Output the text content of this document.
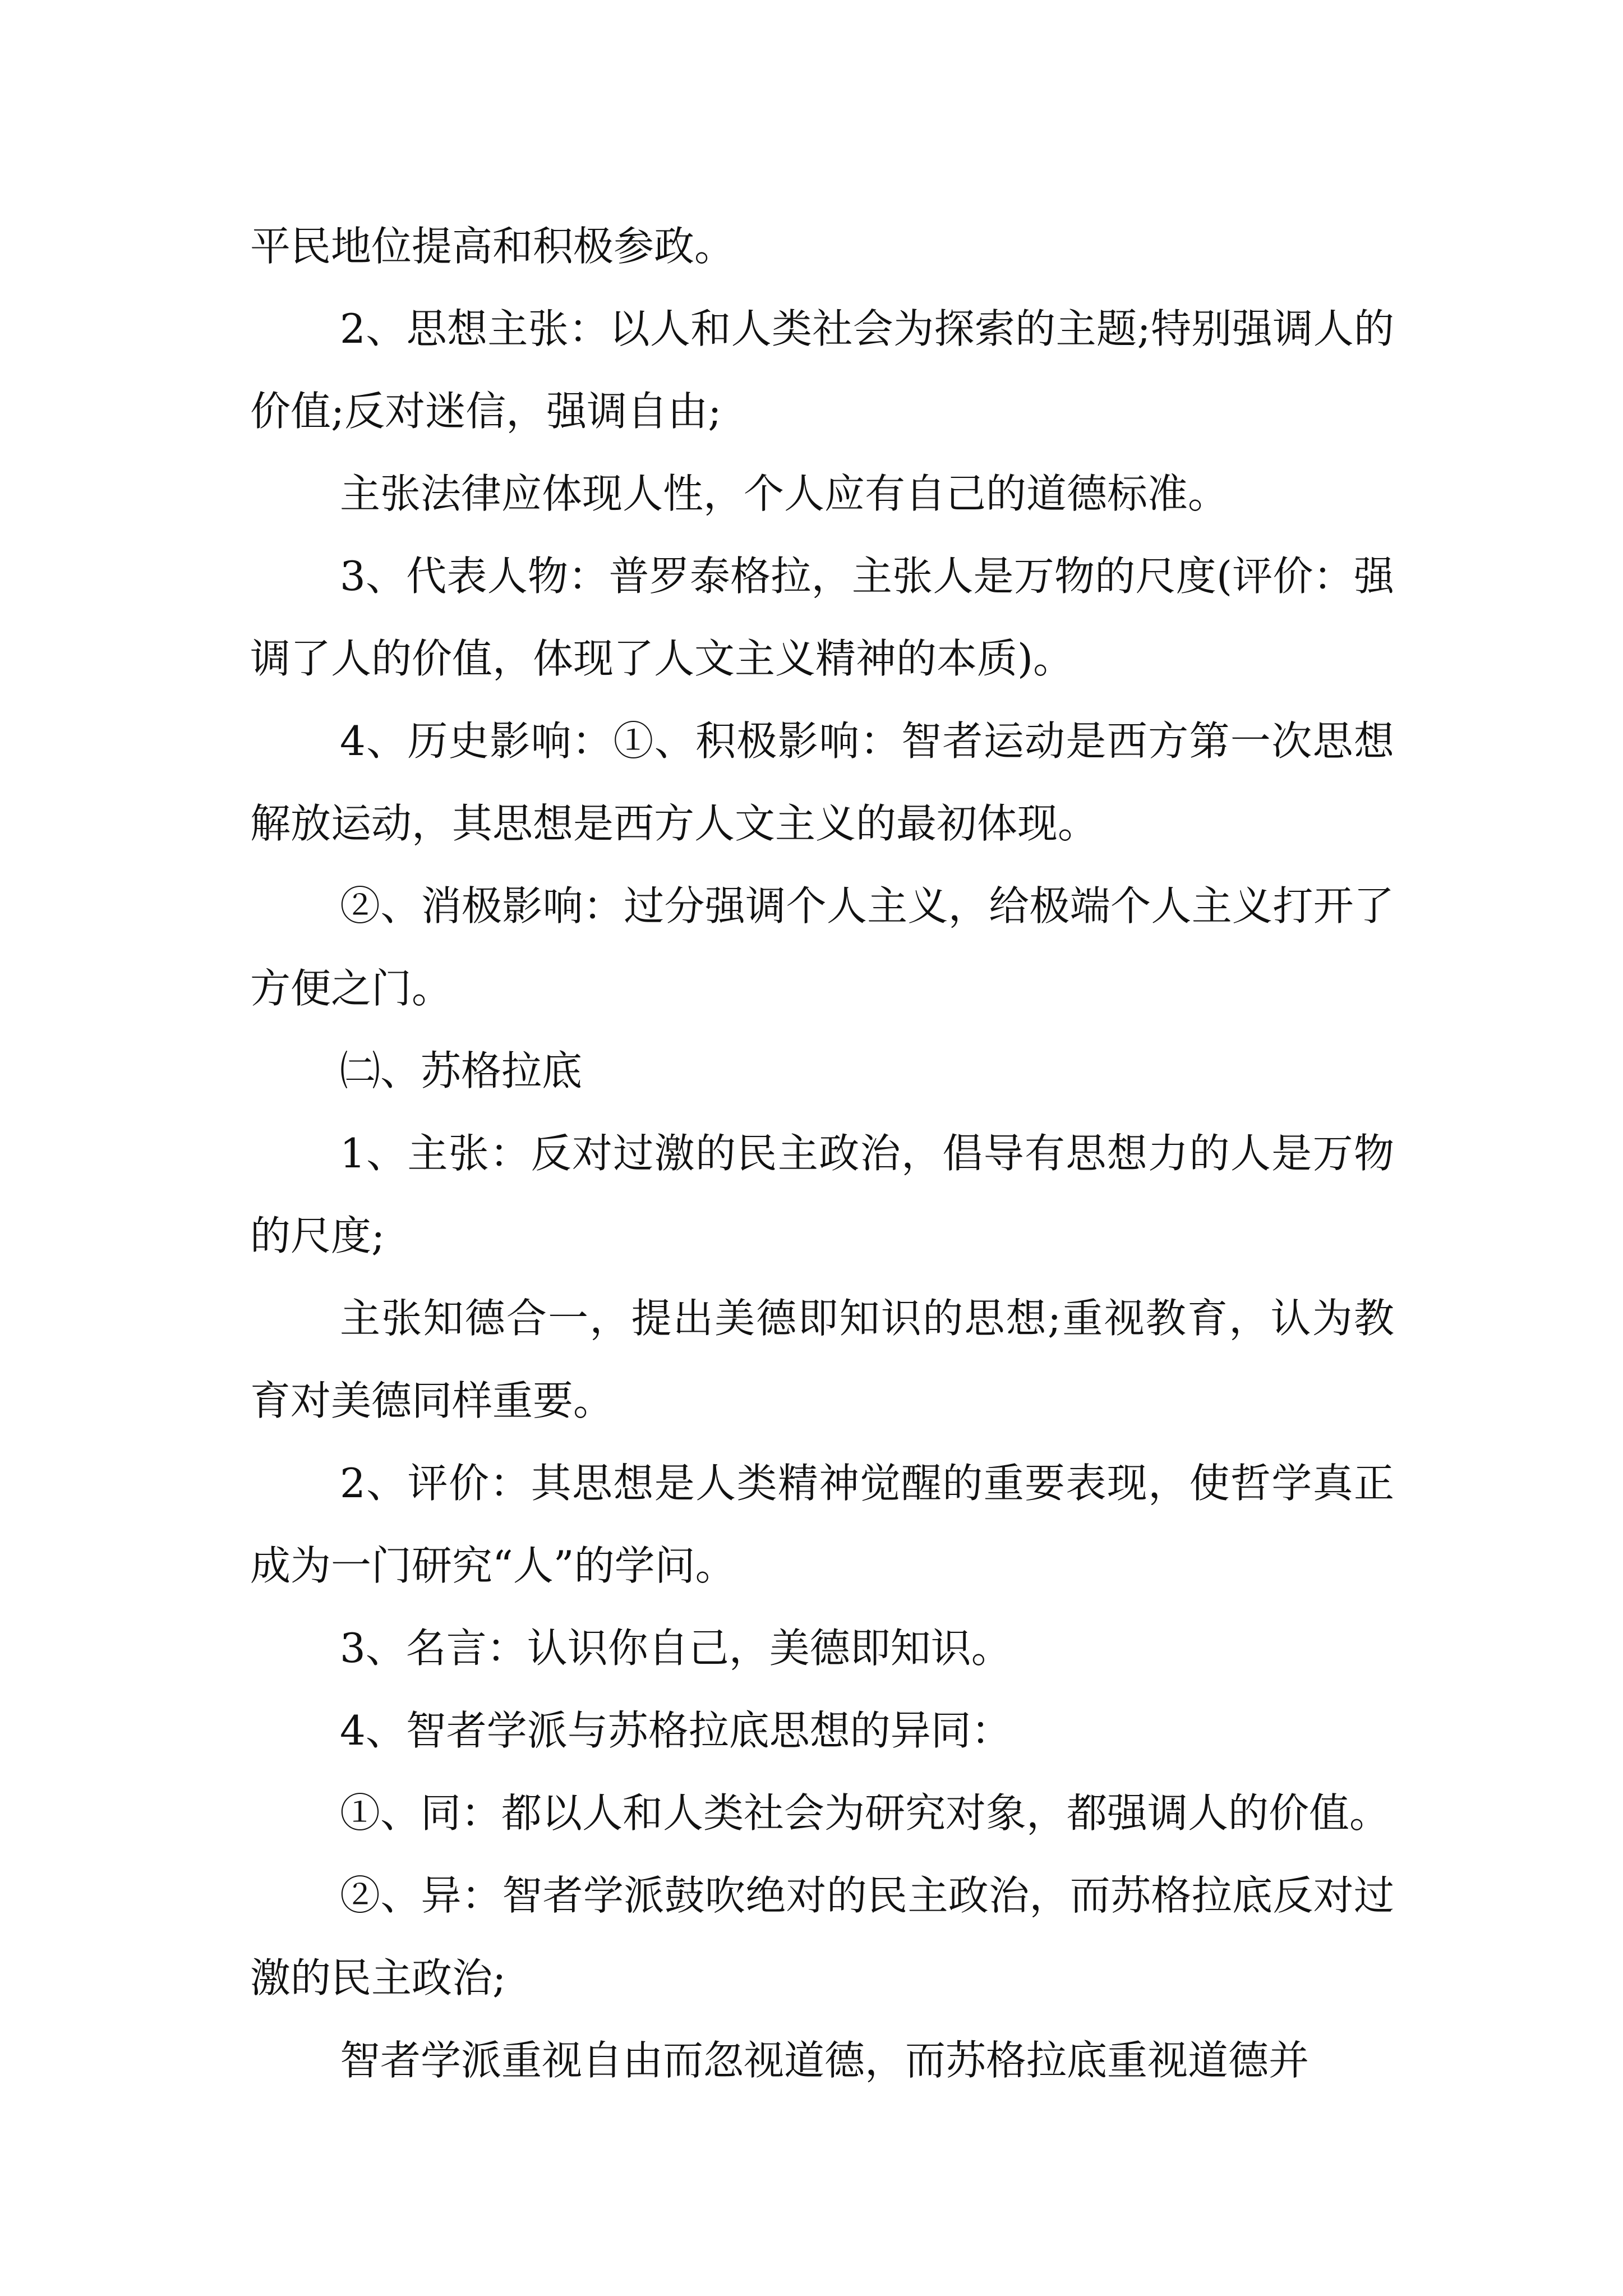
平民地位提高和积极参政。

2、思想主张：以人和人类社会为探索的主题;特别强调人的价值;反对迷信，强调自由;

主张法律应体现人性，个人应有自己的道德标准。

3、代表人物：普罗泰格拉，主张人是万物的尺度(评价：强调了人的价值，体现了人文主义精神的本质)。

4、历史影响：①、积极影响：智者运动是西方第一次思想解放运动，其思想是西方人文主义的最初体现。

②、消极影响：过分强调个人主义，给极端个人主义打开了方便之门。

㈡、苏格拉底

1、主张：反对过激的民主政治，倡导有思想力的人是万物的尺度;

主张知德合一，提出美德即知识的思想;重视教育，认为教育对美德同样重要。

2、评价：其思想是人类精神觉醒的重要表现，使哲学真正成为一门研究“人”的学问。

3、名言：认识你自己，美德即知识。

4、智者学派与苏格拉底思想的异同：

①、同：都以人和人类社会为研究对象，都强调人的价值。

②、异：智者学派鼓吹绝对的民主政治，而苏格拉底反对过激的民主政治;

智者学派重视自由而忽视道德，而苏格拉底重视道德并
